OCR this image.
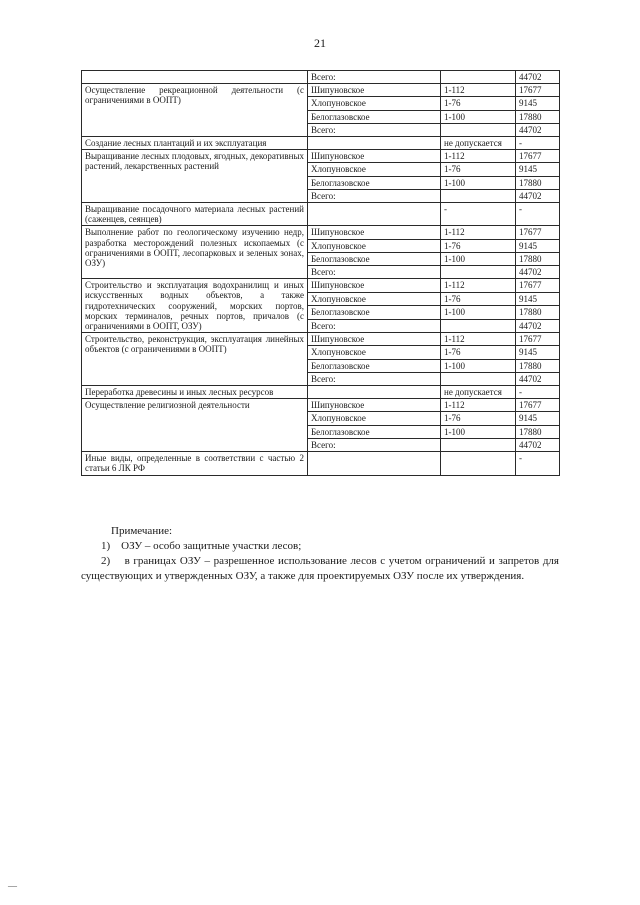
21
	Всего:		44702
Осуществление рекреационной деятельности (с ограничениями в ООПТ)	Шипуновское	1-112	17677
	Хлопуновское	1-76	9145
	Белоглазовское	1-100	17880
	Всего:		44702
Создание лесных плантаций и их эксплуатация		не допускается	-
Выращивание лесных плодовых, ягодных, декоративных растений, лекарственных растений	Шипуновское	1-112	17677
	Хлопуновское	1-76	9145
	Белоглазовское	1-100	17880
	Всего:		44702
Выращивание посадочного материала лесных растений (саженцев, сеянцев)		-	-
Выполнение работ по геологическому изучению недр, разработка месторождений полезных ископаемых (с ограничениями в ООПТ, лесопарковых и зеленых зонах, ОЗУ)	Шипуновское	1-112	17677
	Хлопуновское	1-76	9145
	Белоглазовское	1-100	17880
	Всего:		44702
Строительство и эксплуатация водохранилищ и иных искусственных водных объектов, а также гидротехнических сооружений, морских портов, морских терминалов, речных портов, причалов (с ограничениями в ООПТ, ОЗУ)	Шипуновское	1-112	17677
	Хлопуновское	1-76	9145
	Белоглазовское	1-100	17880
	Всего:		44702
Строительство, реконструкция, эксплуатация линейных объектов (с ограничениями в ООПТ)	Шипуновское	1-112	17677
	Хлопуновское	1-76	9145
	Белоглазовское	1-100	17880
	Всего:		44702
Переработка древесины и иных лесных ресурсов		не допускается	-
Осуществление религиозной деятельности	Шипуновское	1-112	17677
	Хлопуновское	1-76	9145
	Белоглазовское	1-100	17880
	Всего:		44702
Иные виды, определенные в соответствии с частью 2 статьи 6 ЛК РФ			-
Примечание:
1)    ОЗУ – особо защитные участки лесов;
2)    в границах ОЗУ – разрешенное использование лесов с учетом ограничений и запретов для существующих и утвержденных ОЗУ, а также для проектируемых ОЗУ после их утверждения.
—
